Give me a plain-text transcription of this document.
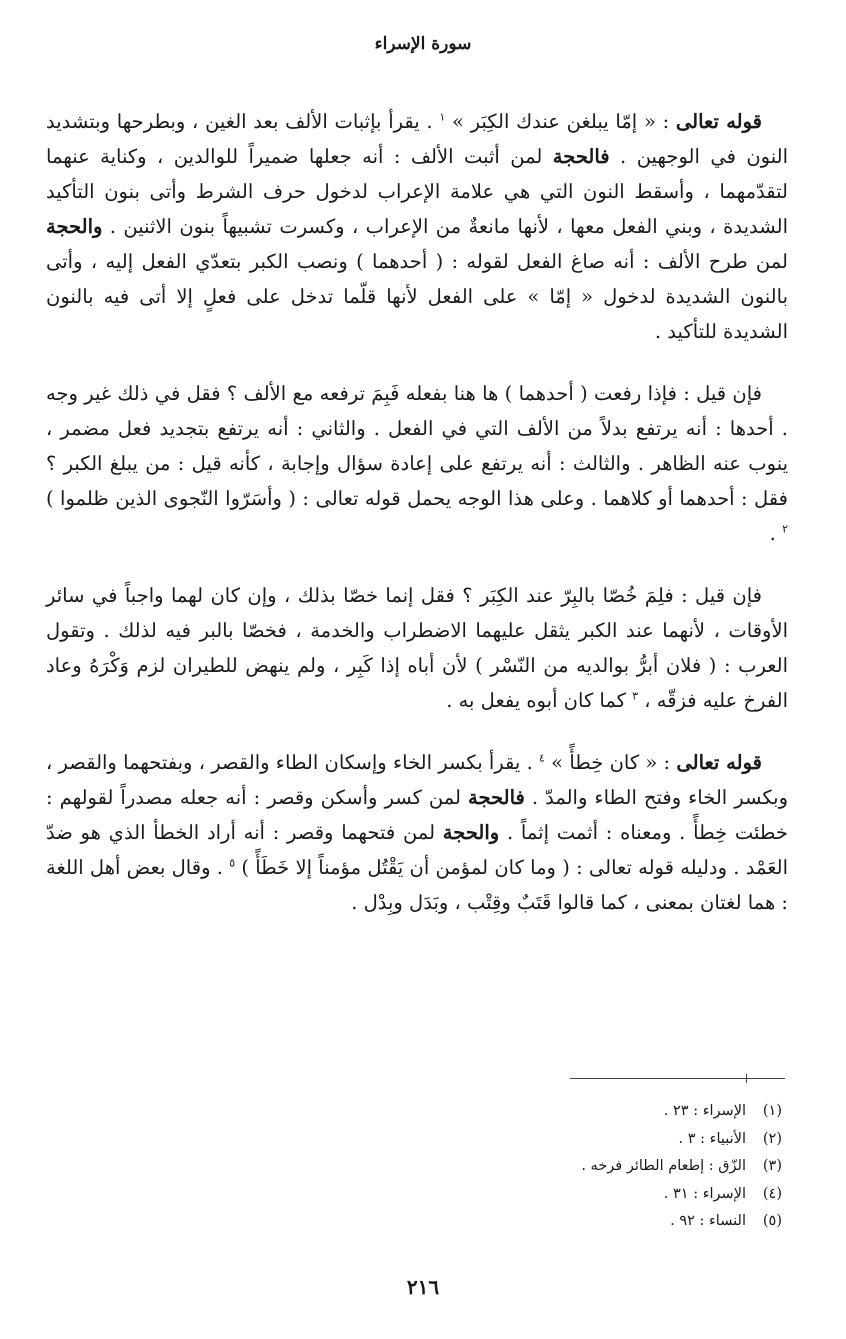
سورة الإسراء

قوله تعالى : « إمّا يبلغن عندك الكِبَر » $^١$ . يقرأ بإثبات الألف بعد الغين ، وبطرحها وبتشديد النون في الوجهين . فالحجة لمن أثبت الألف : أنه جعلها ضميراً للوالدين ، وكناية عنهما لتقدّمهما ، وأسقط النون التي هي علامة الإعراب لدخول حرف الشرط وأتى بنون التأكيد الشديدة ، وبني الفعل معها ، لأنها مانعةٌ من الإعراب ، وكسرت تشبيهاً بنون الاثنين . والحجة لمن طرح الألف : أنه صاغ الفعل لقوله : ( أحدهما ) ونصب الكبر بتعدّي الفعل إليه ، وأتى بالنون الشديدة لدخول « إمّا » على الفعل لأنها قلّما تدخل على فعلٍ إلا أتى فيه بالنون الشديدة للتأكيد .

فإن قيل : فإذا رفعت ( أحدهما ) ها هنا بفعله فَبِمَ ترفعه مع الألف ؟ فقل في ذلك غير وجه . أحدها : أنه يرتفع بدلاً من الألف التي في الفعل . والثاني : أنه يرتفع بتجديد فعل مضمر ، ينوب عنه الظاهر . والثالث : أنه يرتفع على إعادة سؤال وإجابة ، كأنه قيل : من يبلغ الكبر ؟ فقل : أحدهما أو كلاهما . وعلى هذا الوجه يحمل قوله تعالى : ( وأسَرّوا النّجوى الذين ظلموا ) $^٢$ .

فإن قيل : فلِمَ خُصّا بالبِرّ عند الكِبَر ؟ فقل إنما خصّا بذلك ، وإن كان لهما واجباً في سائر الأوقات ، لأنهما عند الكبر يثقل عليهما الاضطراب والخدمة ، فخصّا بالبر فيه لذلك . وتقول العرب : ( فلان أبرُّ بوالديه من النّسْر ) لأن أباه إذا كَبِر ، ولم ينهض للطيران لزم وَكْرَهُ وعاد الفرخ عليه فزقّه ، $^٣$ كما كان أبوه يفعل به .

قوله تعالى : « كان خِطأً » $^٤$ . يقرأ بكسر الخاء وإسكان الطاء والقصر ، وبفتحهما والقصر ، وبكسر الخاء وفتح الطاء والمدّ . فالحجة لمن كسر وأسكن وقصر : أنه جعله مصدراً لقولهم : خطئت خِطأً . ومعناه : أثمت إثماً . والحجة لمن فتحهما وقصر : أنه أراد الخطأ الذي هو ضدّ العَمْد . ودليله قوله تعالى : ( وما كان لمؤمن أن يَقْتُل مؤمناً إلا خَطَأً ) $^٥$ . وقال بعض أهل اللغة : هما لغتان بمعنى ، كما قالوا قَتَبٌ وقِتْب ، وبَدَل وبِدْل .

(١)
الإسراء : ٢٣ .
(٢)
الأنبياء : ٣ .
(٣)
الزّق : إطعام الطائر فرخه .
(٤)
الإسراء : ٣١ .
(٥)
النساء : ٩٢ .
٢١٦
